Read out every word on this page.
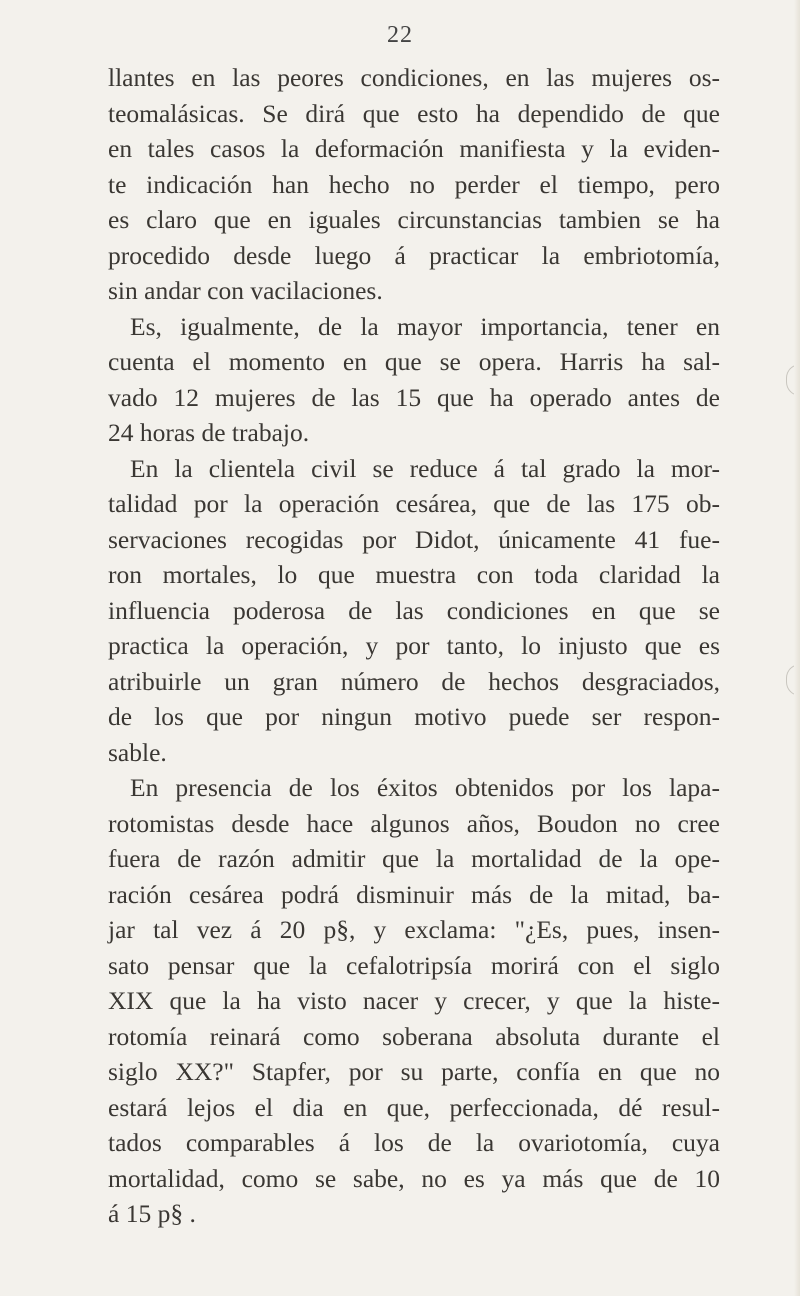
22
llantes en las peores condiciones, en las mujeres os-
teomalásicas. Se dirá que esto ha dependido de que
en tales casos la deformación manifiesta y la eviden-
te indicación han hecho no perder el tiempo, pero
es claro que en iguales circunstancias tambien se ha
procedido desde luego á practicar la embriotomía,
sin andar con vacilaciones.
Es, igualmente, de la mayor importancia, tener en
cuenta el momento en que se opera. Harris ha sal-
vado 12 mujeres de las 15 que ha operado antes de
24 horas de trabajo.
En la clientela civil se reduce á tal grado la mor-
talidad por la operación cesárea, que de las 175 ob-
servaciones recogidas por Didot, únicamente 41 fue-
ron mortales, lo que muestra con toda claridad la
influencia poderosa de las condiciones en que se
practica la operación, y por tanto, lo injusto que es
atribuirle un gran número de hechos desgraciados,
de los que por ningun motivo puede ser respon-
sable.
En presencia de los éxitos obtenidos por los lapa-
rotomistas desde hace algunos años, Boudon no cree
fuera de razón admitir que la mortalidad de la ope-
ración cesárea podrá disminuir más de la mitad, ba-
jar tal vez á 20 p§, y exclama: "¿Es, pues, insen-
sato pensar que la cefalotripsía morirá con el siglo
XIX que la ha visto nacer y crecer, y que la histe-
rotomía reinará como soberana absoluta durante el
siglo XX?" Stapfer, por su parte, confía en que no
estará lejos el dia en que, perfeccionada, dé resul-
tados comparables á los de la ovariotomía, cuya
mortalidad, como se sabe, no es ya más que de 10
á 15 p§ .
